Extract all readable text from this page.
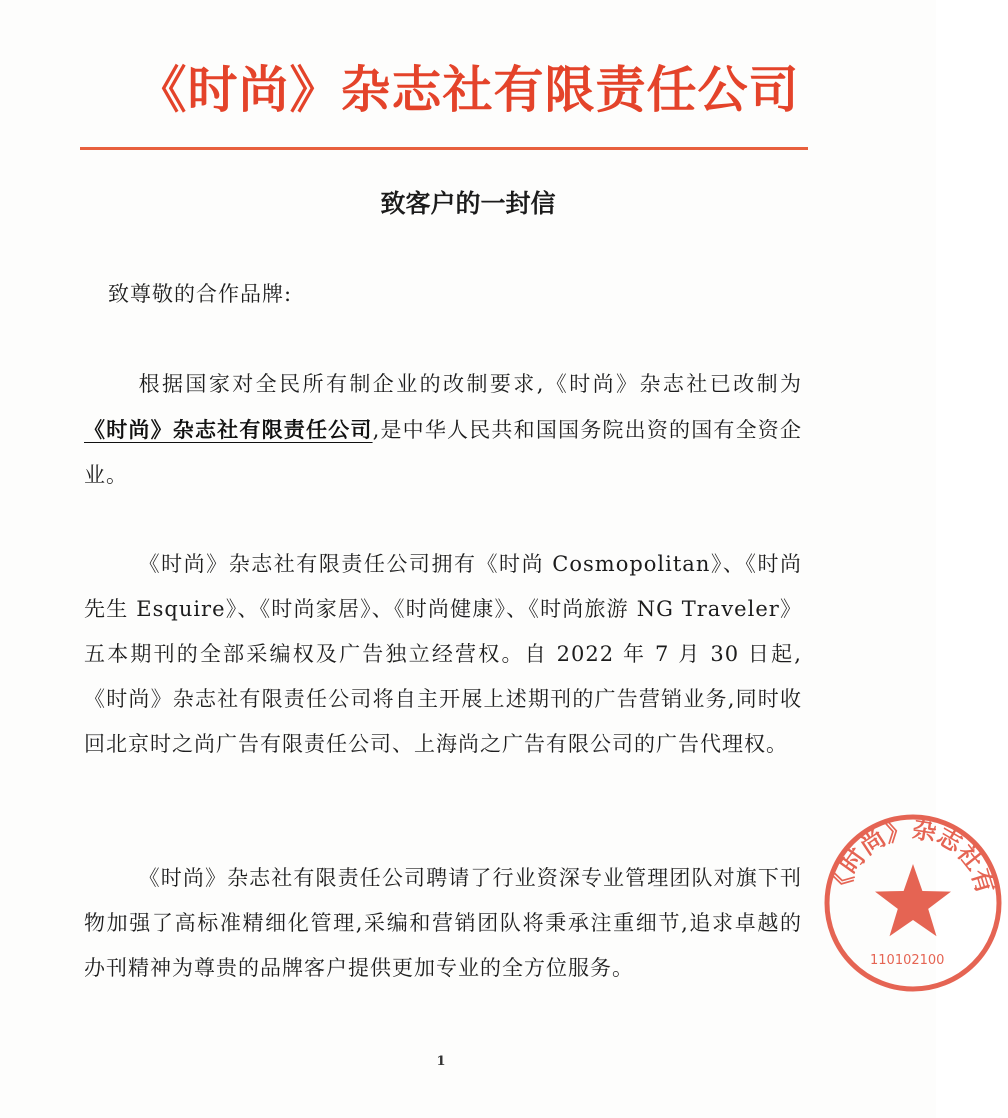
《时尚》杂志社有限责任公司
致客户的一封信
致尊敬的合作品牌:
根据国家对全民所有制企业的改制要求,《时尚》杂志社已改制为《时尚》杂志社有限责任公司,是中华人民共和国国务院出资的国有全资企业。
《时尚》杂志社有限责任公司拥有《时尚 Cosmopolitan》、《时尚先生 Esquire》、《时尚家居》、《时尚健康》、《时尚旅游 NG Traveler》五本期刊的全部采编权及广告独立经营权。自 2022 年 7 月 30 日起,《时尚》杂志社有限责任公司将自主开展上述期刊的广告营销业务,同时收回北京时之尚广告有限责任公司、上海尚之广告有限公司的广告代理权。
《时尚》杂志社有限责任公司聘请了行业资深专业管理团队对旗下刊物加强了高标准精细化管理,采编和营销团队将秉承注重细节,追求卓越的办刊精神为尊贵的品牌客户提供更加专业的全方位服务。
1
《时尚》杂志社有
110102100
